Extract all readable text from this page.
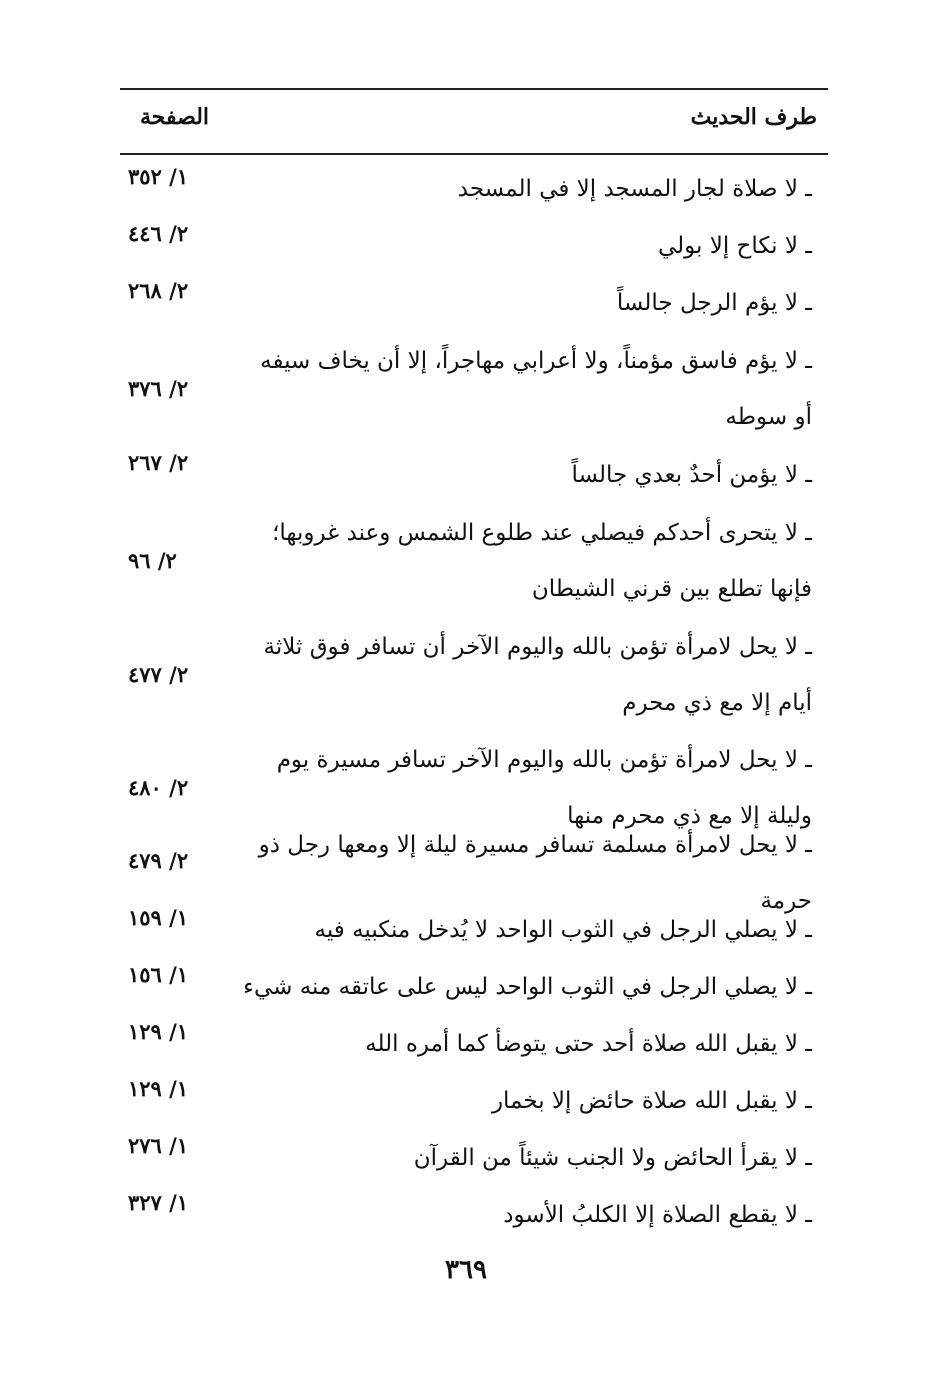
طرف الحديث
الصفحة
١/ ٣٥٢	ـ لا صلاة لجار المسجد إلا في المسجد
٢/ ٤٤٦	ـ لا نكاح إلا بولي
٢/ ٢٦٨	ـ لا يؤم الرجل جالساً
٢/ ٣٧٦
ـ لا يؤم فاسق مؤمناً، ولا أعرابي مهاجراً، إلا أن يخاف سيفه أو سوطه
٢/ ٢٦٧	ـ لا يؤمن أحدٌ بعدي جالساً
٢/ ٩٦
ـ لا يتحرى أحدكم فيصلي عند طلوع الشمس وعند غروبها؛ فإنها تطلع بين قرني الشيطان
٢/ ٤٧٧
ـ لا يحل لامرأة تؤمن بالله واليوم الآخر أن تسافر فوق ثلاثة أيام إلا مع ذي محرم
٢/ ٤٨٠
ـ لا يحل لامرأة تؤمن بالله واليوم الآخر تسافر مسيرة يوم وليلة إلا مع ذي محرم منها
٢/ ٤٧٩
ـ لا يحل لامرأة مسلمة تسافر مسيرة ليلة إلا ومعها رجل ذو حرمة
١/ ١٥٩	ـ لا يصلي الرجل في الثوب الواحد لا يُدخل منكبيه فيه
١/ ١٥٦	ـ لا يصلي الرجل في الثوب الواحد ليس على عاتقه منه شيء
١/ ١٢٩	ـ لا يقبل الله صلاة أحد حتى يتوضأ كما أمره الله
١/ ١٢٩	ـ لا يقبل الله صلاة حائض إلا بخمار
١/ ٢٧٦	ـ لا يقرأ الحائض ولا الجنب شيئاً من القرآن
١/ ٣٢٧	ـ لا يقطع الصلاة إلا الكلبُ الأسود
٣٦٩
